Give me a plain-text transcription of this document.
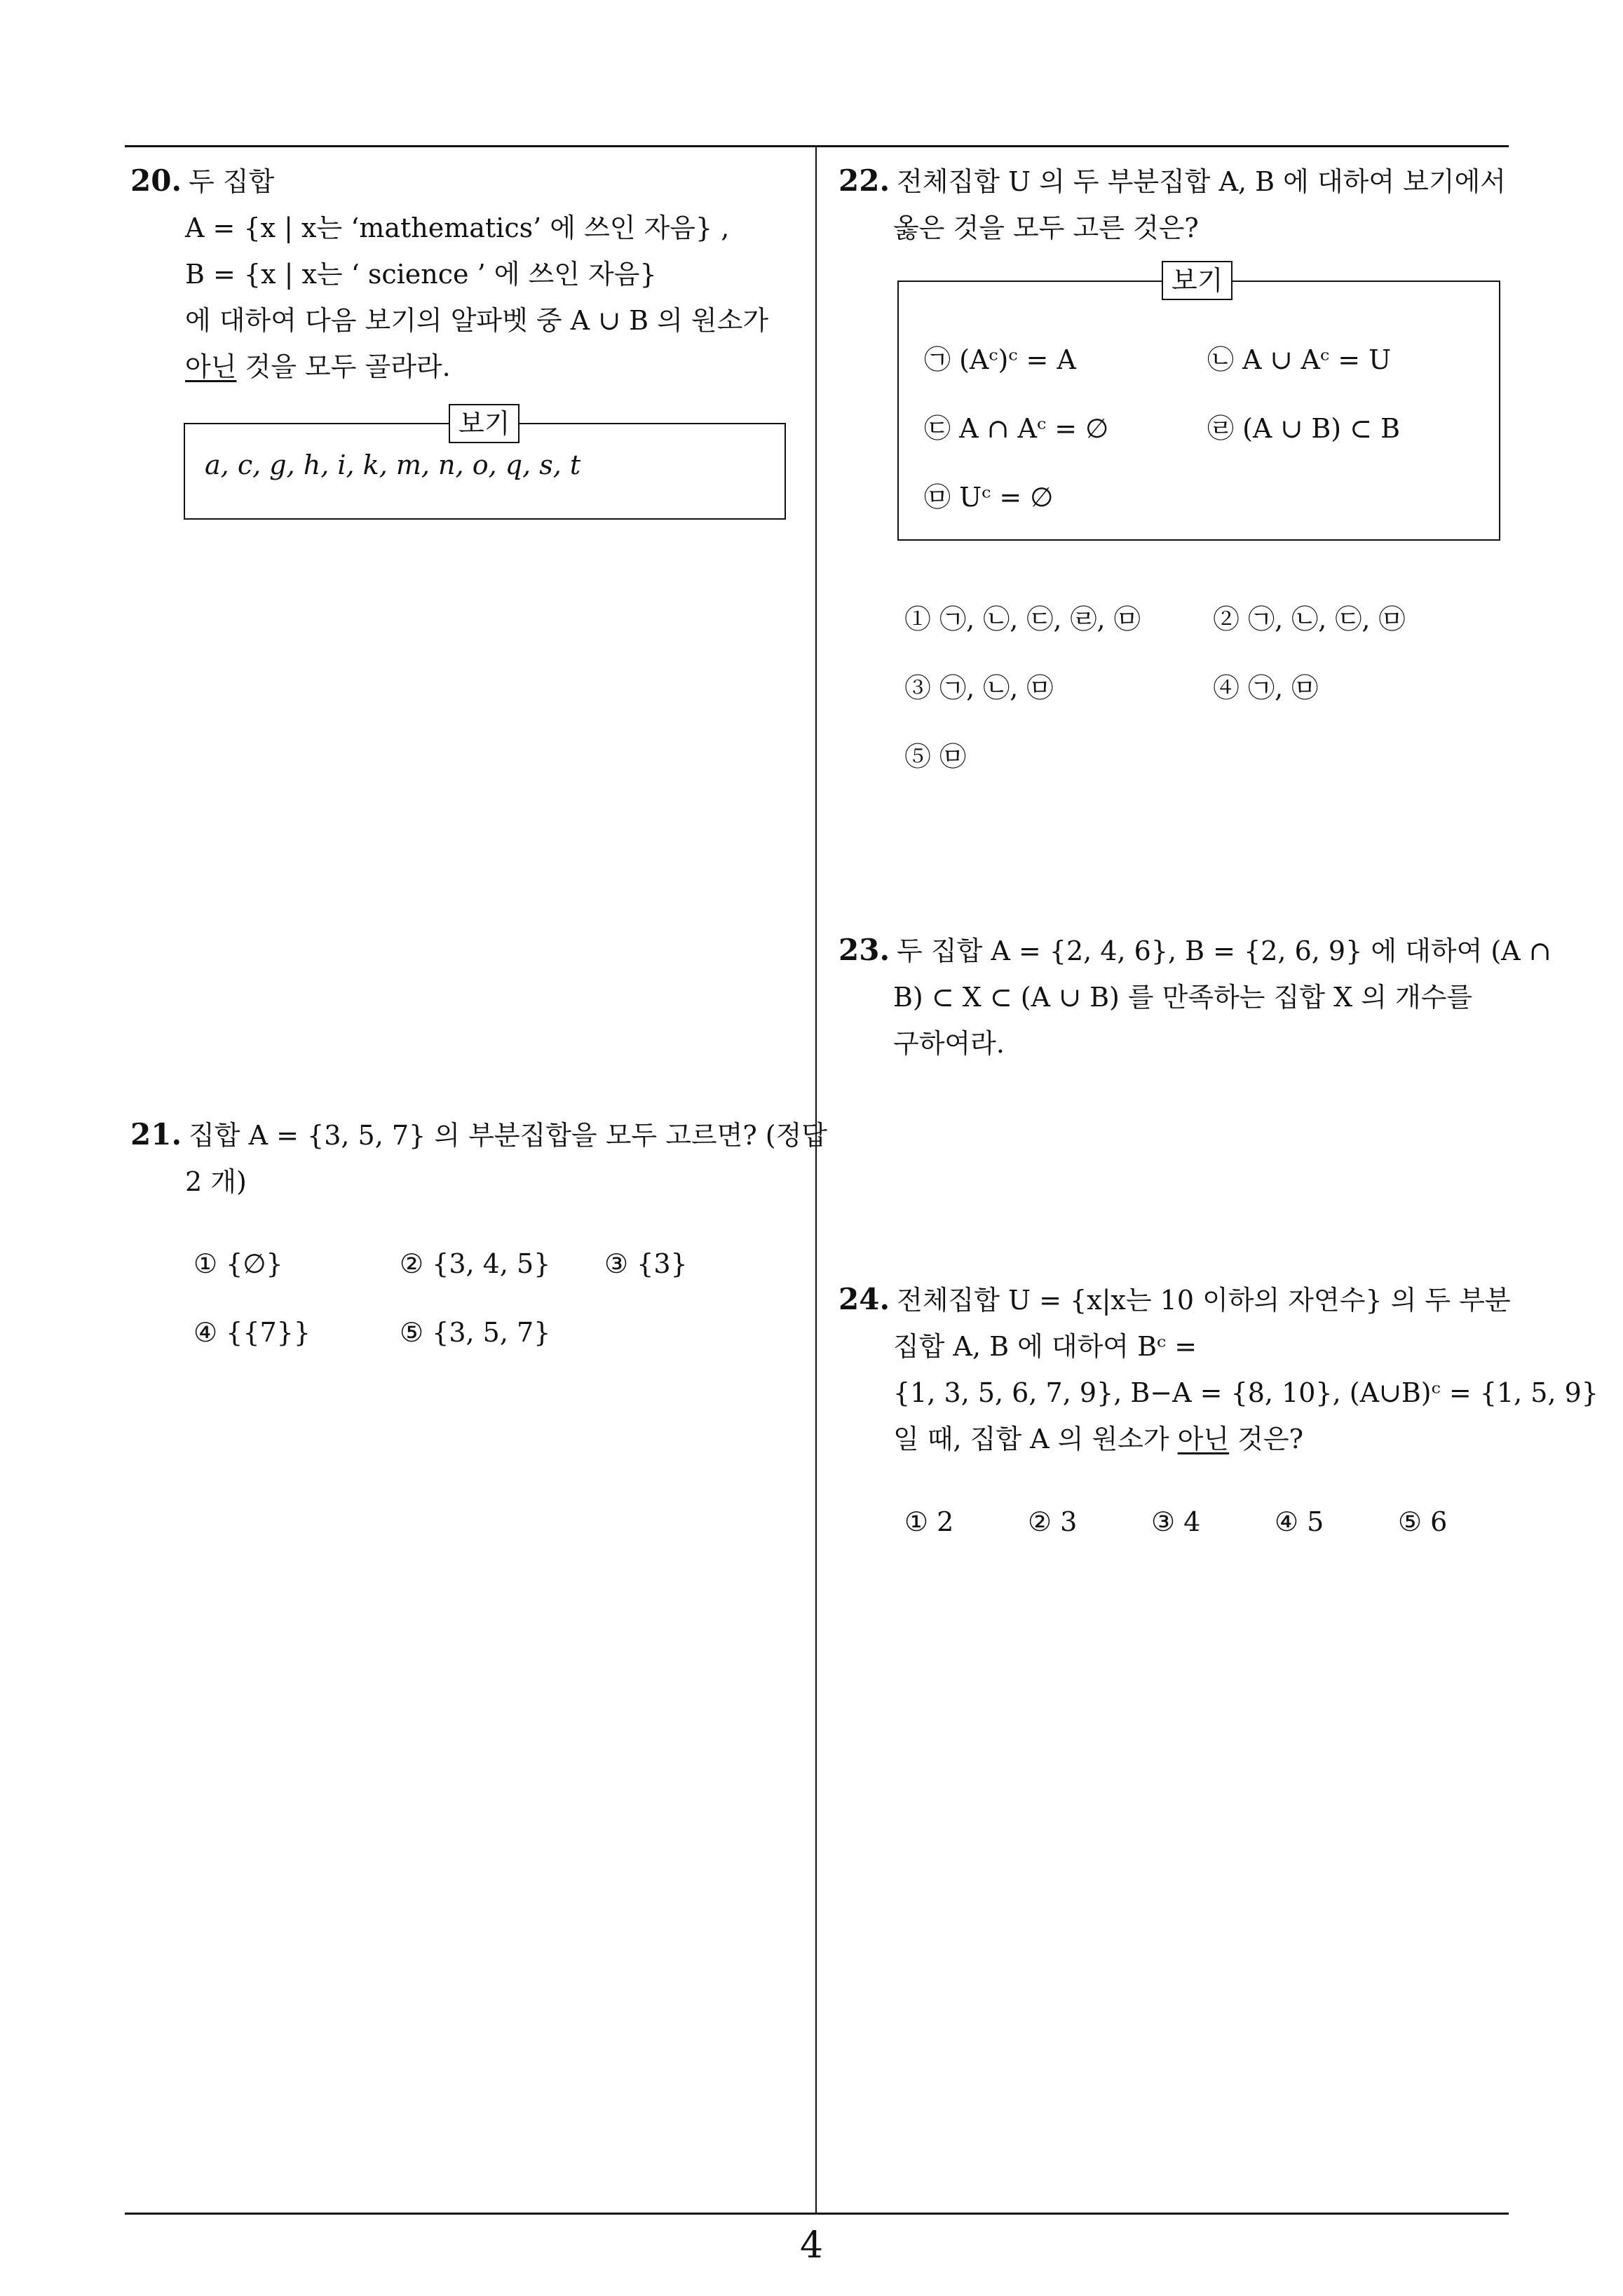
20. 두 집합
A = {x | x는 ‘mathematics’ 에 쓰인 자음} ,
B = {x | x는 ‘ science ’ 에 쓰인 자음}
에 대하여 다음 보기의 알파벳 중 A ∪ B 의 원소가
아닌 것을 모두 골라라.
a, c, g, h, i, k, m, n, o, q, s, t
보기
21. 집합 A = {3, 5, 7} 의 부분집합을 모두 고르면? (정답
2 개)
① {∅}	② {3, 4, 5} ③ {3}
④ {{7}}	⑤ {3, 5, 7}
22. 전체집합 U 의 두 부분집합 A, B 에 대하여 보기에서
옳은 것을 모두 고른 것은?
㉠ (Aᶜ)ᶜ = A	㉡ A ∪ Aᶜ = U
㉢ A ∩ Aᶜ = ∅	㉣ (A ∪ B) ⊂ B
㉤ Uᶜ = ∅
보기
① ㉠, ㉡, ㉢, ㉣, ㉤	② ㉠, ㉡, ㉢, ㉤
③ ㉠, ㉡, ㉤	④ ㉠, ㉤
⑤ ㉤
23. 두 집합 A = {2, 4, 6}, B = {2, 6, 9} 에 대하여 (A ∩
B) ⊂ X ⊂ (A ∪ B) 를 만족하는 집합 X 의 개수를
구하여라.
24. 전체집합 U = {x|x는 10 이하의 자연수} 의 두 부분
집합 A, B 에 대하여 Bᶜ =
{1, 3, 5, 6, 7, 9}, B−A = {8, 10}, (A∪B)ᶜ = {1, 5, 9}
일 때, 집합 A 의 원소가 아닌 것은?
① 2	② 3	③ 4	④ 5	⑤ 6
4
